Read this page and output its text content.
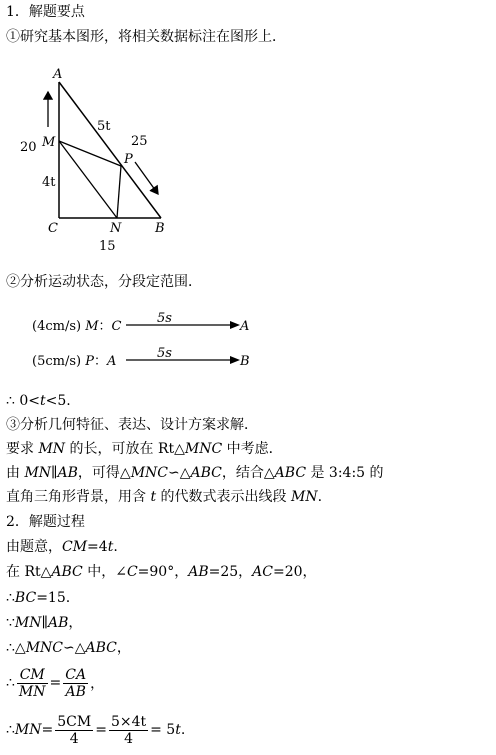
1．解题要点
①研究基本图形，将相关数据标注在图形上．
A
M
20
5t
25
P
4t
C	N	B
15
②分析运动状态，分段定范围．
(4cm/s) M：C
5s
A
(5cm/s) P：A
5s
B
∴ 0<t<5.
③分析几何特征、表达、设计方案求解．
要求 MN 的长，可放在 Rt△MNC 中考虑．
由 MN∥AB，可得△MNC∽△ABC，结合△ABC 是 3:4:5 的
直角三角形背景，用含 t 的代数式表示出线段 MN.
2．解题过程
由题意，CM=4t.
在 Rt△ABC 中，∠C=90°，AB=25，AC=20，
∴BC=15.
∵MN∥AB，
∴△MNC∽△ABC，
∴ $\frac{CM}{MN} = \frac{CA}{AB}$ ，
∴ MN = $\frac{5CM}{4} = \frac{5\times 4t}{4} = 5$ t .
